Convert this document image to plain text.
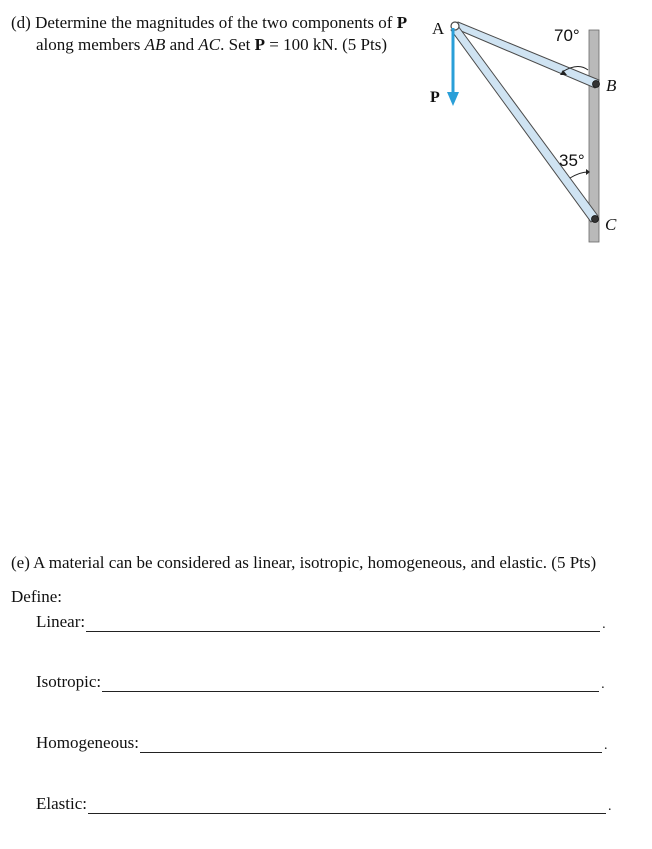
(d) Determine the magnitudes of the two components of P
along members AB and AC. Set P = 100 kN. (5 Pts)
A
B
C
P
70°
35°
(e) A material can be considered as linear, isotropic, homogeneous, and elastic. (5 Pts)
Define:
Linear:	.
Isotropic:	.
Homogeneous:	.
Elastic:	.
